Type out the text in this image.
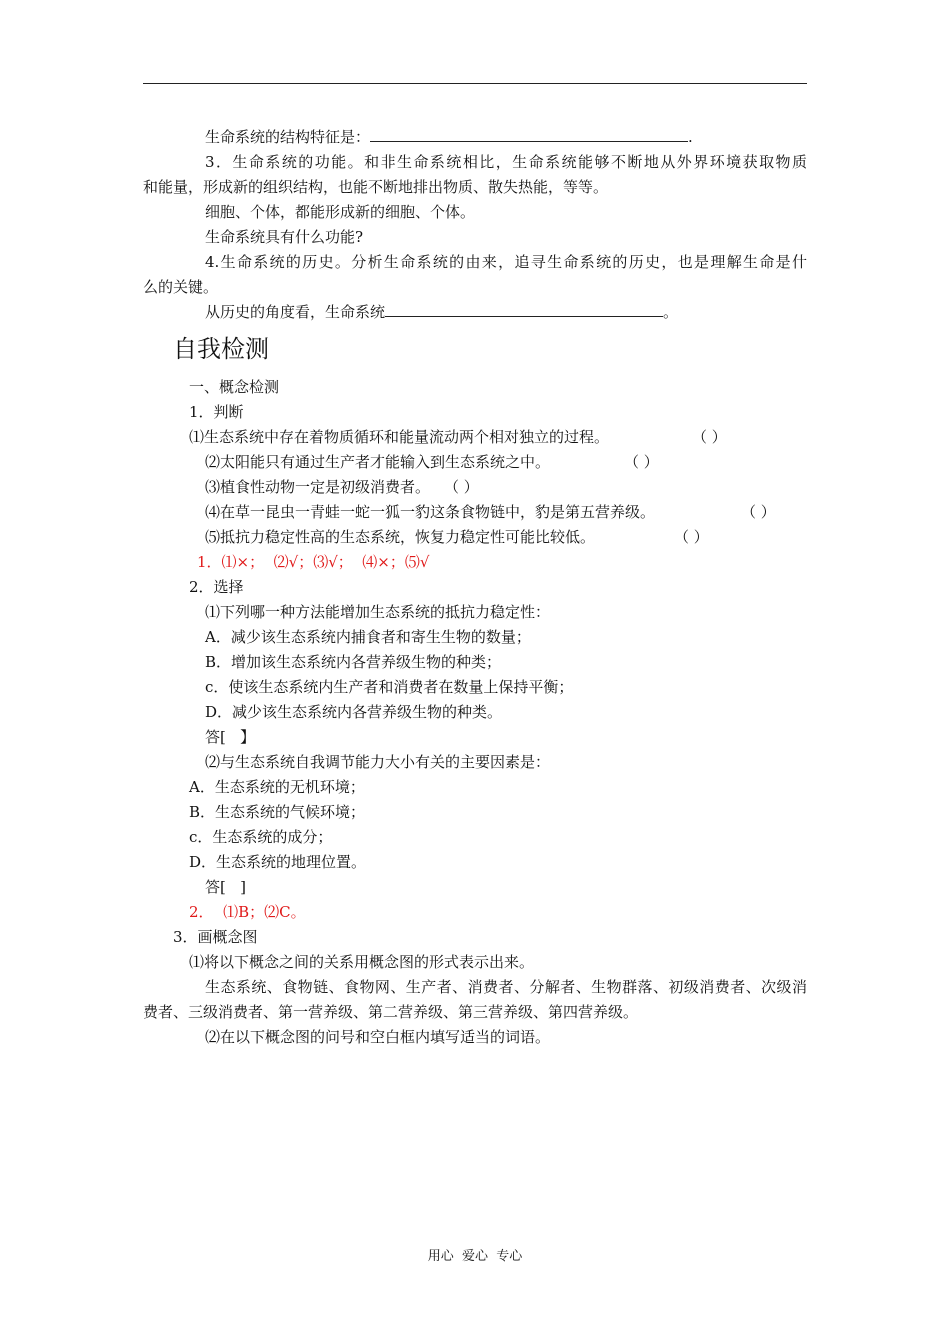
生命系统的结构特征是：	.
3．生命系统的功能。和非生命系统相比，生命系统能够不断地从外界环境获取物质
和能量，形成新的组织结构，也能不断地排出物质、散失热能，等等。
细胞、个体，都能形成新的细胞、个体。
生命系统具有什么功能?
4.生命系统的历史。分析生命系统的由来，追寻生命系统的历史，也是理解生命是什
么的关键。
从历史的角度看，生命系统	。
自我检测
一、概念检测
1．判断
⑴生态系统中存在着物质循环和能量流动两个相对独立的过程。	（ ）
⑵太阳能只有通过生产者才能输入到生态系统之中。	（ ）
⑶植食性动物一定是初级消费者。 （ ）
⑷在草一昆虫一青蛙一蛇一狐一豹这条食物链中，豹是第五营养级。	（ ）
⑸抵抗力稳定性高的生态系统，恢复力稳定性可能比较低。	（ ）
1．⑴×；  ⑵√；⑶√；  ⑷×；⑸√
2．选择
⑴下列哪一种方法能增加生态系统的抵抗力稳定性：
A．减少该生态系统内捕食者和寄生生物的数量；
B．增加该生态系统内各营养级生物的种类；
c．使该生态系统内生产者和消费者在数量上保持平衡；
D．减少该生态系统内各营养级生物的种类。
答[   】
⑵与生态系统自我调节能力大小有关的主要因素是：
A．生态系统的无机环境；
B．生态系统的气候环境；
c．生态系统的成分；
D．生态系统的地理位置。
答[   ]
2．  ⑴B；⑵C。
3．画概念图
⑴将以下概念之间的关系用概念图的形式表示出来。
生态系统、食物链、食物网、生产者、消费者、分解者、生物群落、初级消费者、次级消
费者、三级消费者、第一营养级、第二营养级、第三营养级、第四营养级。
⑵在以下概念图的问号和空白框内填写适当的词语。
用心  爱心  专心
